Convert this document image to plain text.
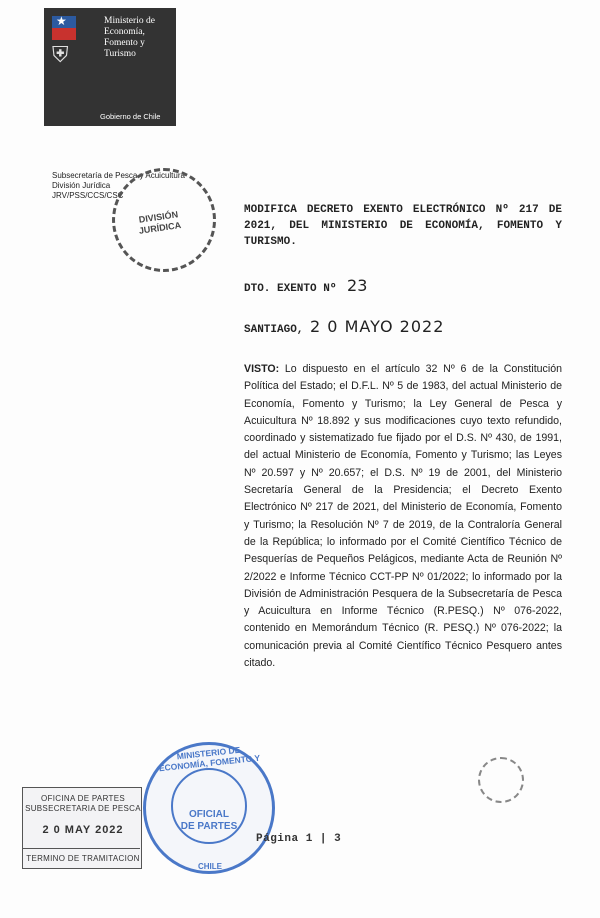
★
⛨
Ministerio de
Economía,
Fomento y
Turismo
Gobierno de Chile
Subsecretaría de Pesca y Acuicultura
División Jurídica
JRV/PSS/CCS/CSC
DIVISIÓN
JURÍDICA
MODIFICA DECRETO EXENTO ELECTRÓNICO Nº 217 DE 2021, DEL MINISTERIO DE ECONOMÍA, FOMENTO Y TURISMO.
DTO. EXENTO Nº 23
SANTIAGO, 2 0 MAYO 2022
VISTO: Lo dispuesto en el artículo 32 Nº 6 de la Constitución Política del Estado; el D.F.L. Nº 5 de 1983, del actual Ministerio de Economía, Fomento y Turismo; la Ley General de Pesca y Acuicultura Nº 18.892 y sus modificaciones cuyo texto refundido, coordinado y sistematizado fue fijado por el D.S. Nº 430, de 1991, del actual Ministerio de Economía, Fomento y Turismo; las Leyes Nº 20.597 y Nº 20.657; el D.S. Nº 19 de 2001, del Ministerio Secretaría General de la Presidencia; el Decreto Exento Electrónico Nº 217 de 2021, del Ministerio de Economía, Fomento y Turismo; la Resolución Nº 7 de 2019, de la Contraloría General de la República; lo informado por el Comité Científico Técnico de Pesquerías de Pequeños Pelágicos, mediante Acta de Reunión Nº 2/2022 e Informe Técnico CCT-PP Nº 01/2022; lo informado por la División de Administración Pesquera de la Subsecretaría de Pesca y Acuicultura en Informe Técnico (R.PESQ.) Nº 076-2022, contenido en Memorándum Técnico (R. PESQ.) Nº 076-2022; la comunicación previa al Comité Científico Técnico Pesquero antes citado.
OFICINA DE PARTES
SUBSECRETARIA DE PESCA
2 0 MAY 2022
TERMINO DE TRAMITACION
MINISTERIO DE ECONOMÍA, FOMENTO Y
OFICIAL
DE PARTES
CHILE
Página 1 | 3
